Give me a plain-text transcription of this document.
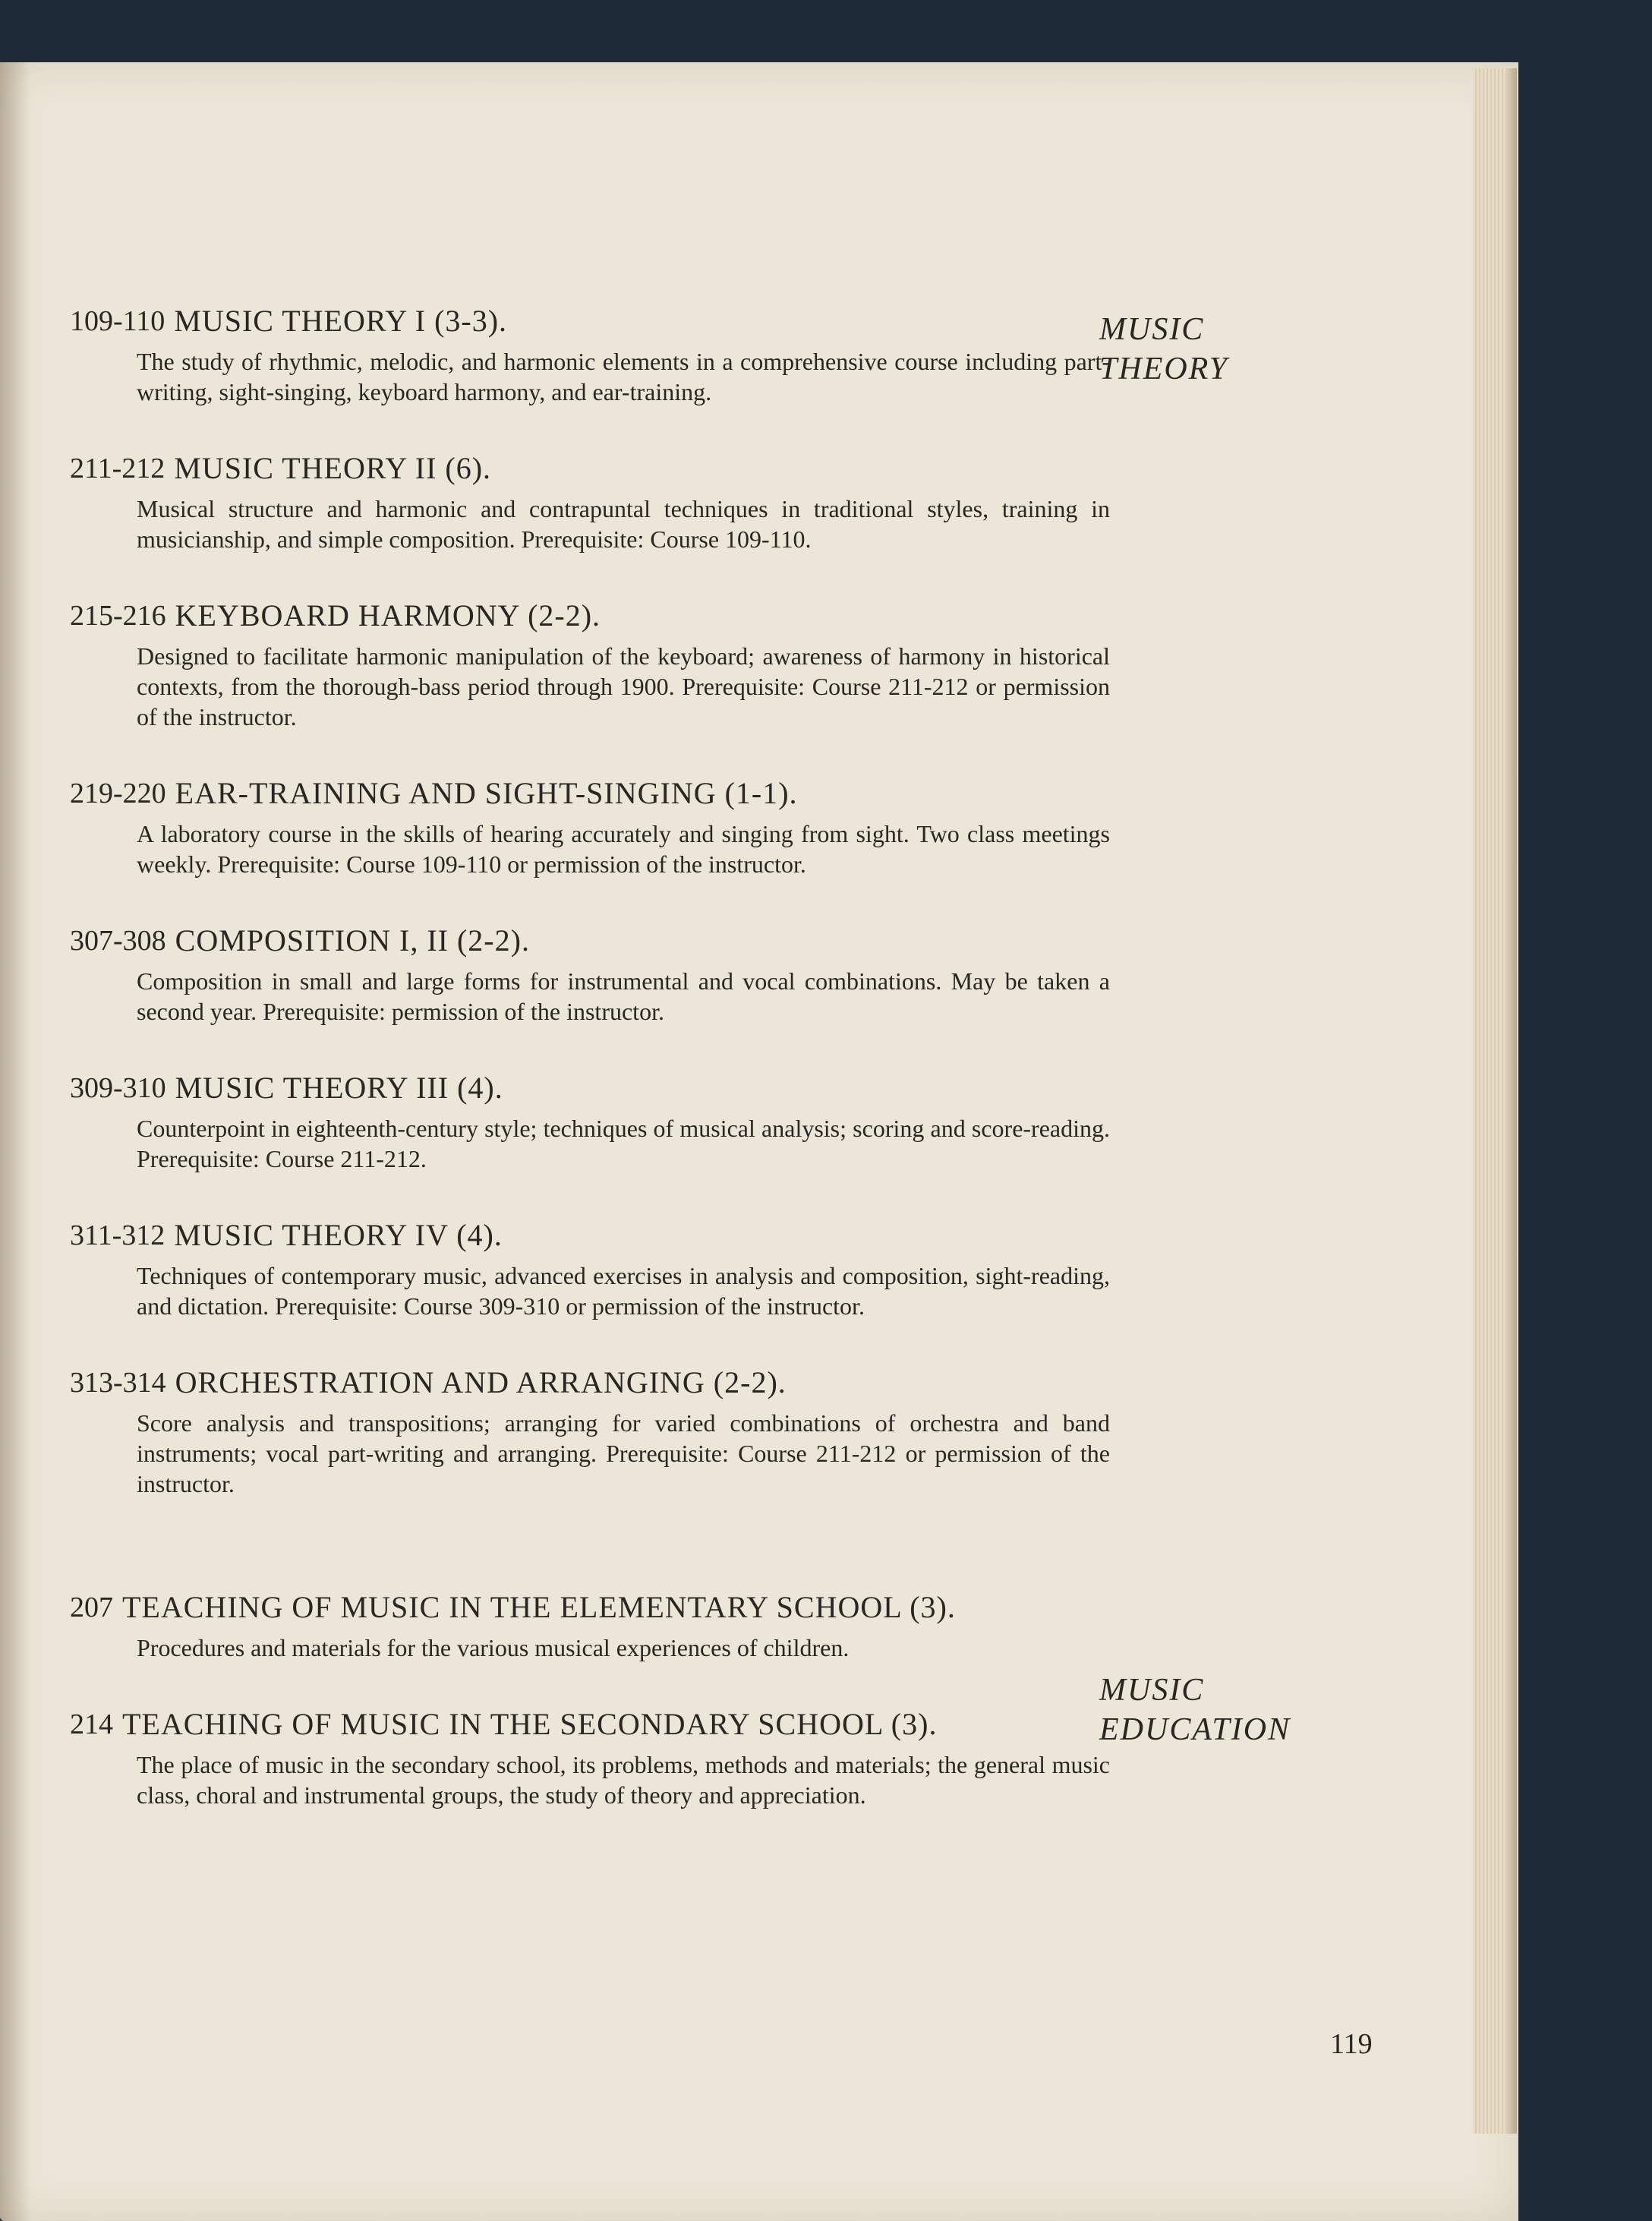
MUSIC
THEORY
MUSIC
EDUCATION
109-110 MUSIC THEORY I (3-3).
The study of rhythmic, melodic, and harmonic elements in a comprehensive course including part-writing, sight-singing, keyboard harmony, and ear-training.
211-212 MUSIC THEORY II (6).
Musical structure and harmonic and contrapuntal techniques in traditional styles, training in musicianship, and simple composition. Prerequisite: Course 109-110.
215-216 KEYBOARD HARMONY (2-2).
Designed to facilitate harmonic manipulation of the keyboard; awareness of harmony in historical contexts, from the thorough-bass period through 1900. Prerequisite: Course 211-212 or permission of the instructor.
219-220 EAR-TRAINING AND SIGHT-SINGING (1-1).
A laboratory course in the skills of hearing accurately and singing from sight. Two class meetings weekly. Prerequisite: Course 109-110 or permission of the instructor.
307-308 COMPOSITION I, II (2-2).
Composition in small and large forms for instrumental and vocal combinations. May be taken a second year. Prerequisite: permission of the instructor.
309-310 MUSIC THEORY III (4).
Counterpoint in eighteenth-century style; techniques of musical analysis; scoring and score-reading. Prerequisite: Course 211-212.
311-312 MUSIC THEORY IV (4).
Techniques of contemporary music, advanced exercises in analysis and composition, sight-reading, and dictation. Prerequisite: Course 309-310 or permission of the instructor.
313-314 ORCHESTRATION AND ARRANGING (2-2).
Score analysis and transpositions; arranging for varied combinations of orchestra and band instruments; vocal part-writing and arranging. Prerequisite: Course 211-212 or permission of the instructor.
207 TEACHING OF MUSIC IN THE ELEMENTARY SCHOOL (3).
Procedures and materials for the various musical experiences of children.
214 TEACHING OF MUSIC IN THE SECONDARY SCHOOL (3).
The place of music in the secondary school, its problems, methods and materials; the general music class, choral and instrumental groups, the study of theory and appreciation.
119
